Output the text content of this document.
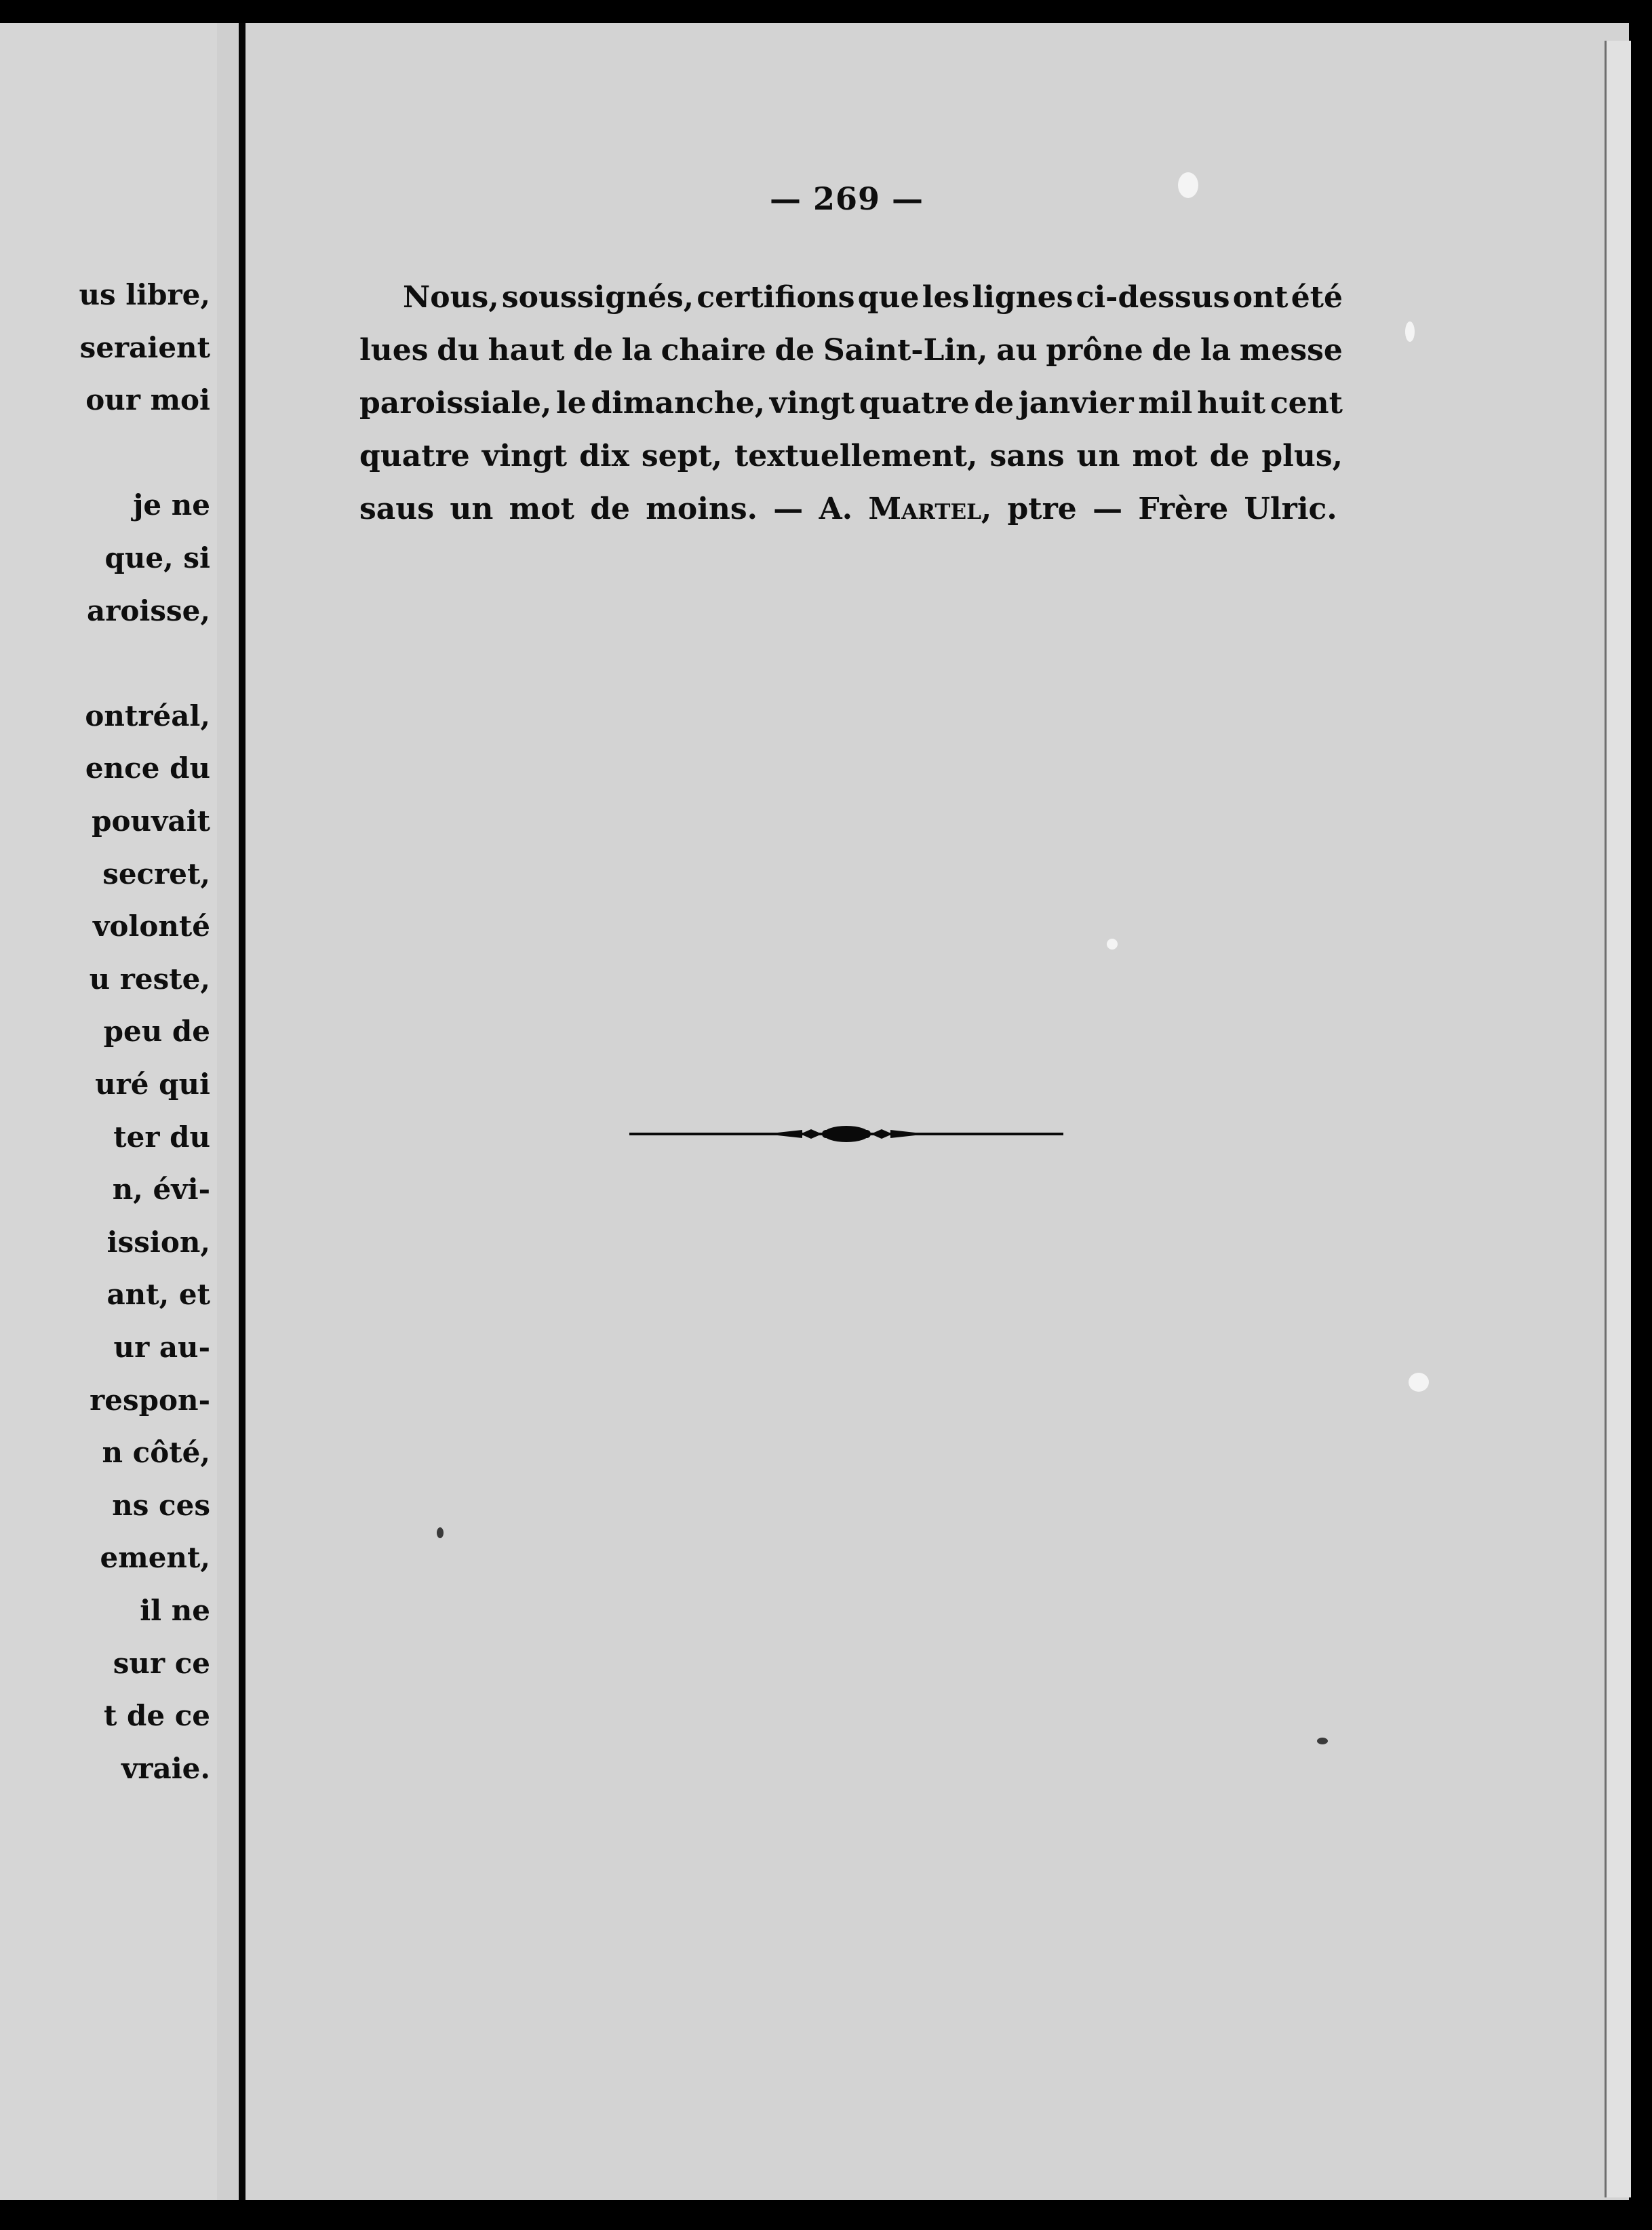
us libre,
seraient
our moi
je ne
que, si
aroisse,
ontréal,
ence du
pouvait
secret,
volonté
u reste,
peu de
uré qui
ter du
n, évi-
ission,
ant, et
ur au-
respon-
n côté,
ns ces
ement,
il ne
sur ce
t de ce
vraie.
— 269 —
Nous, soussignés, certifions que les lignes ci-dessus ont été
lues du haut de la chaire de Saint-Lin, au prône de la messe
paroissiale, le dimanche, vingt quatre de janvier mil huit cent
quatre vingt dix sept, textuellement, sans un mot de plus,
saus un mot de moins. — A. Martel , ptre — Frère Ulric.
